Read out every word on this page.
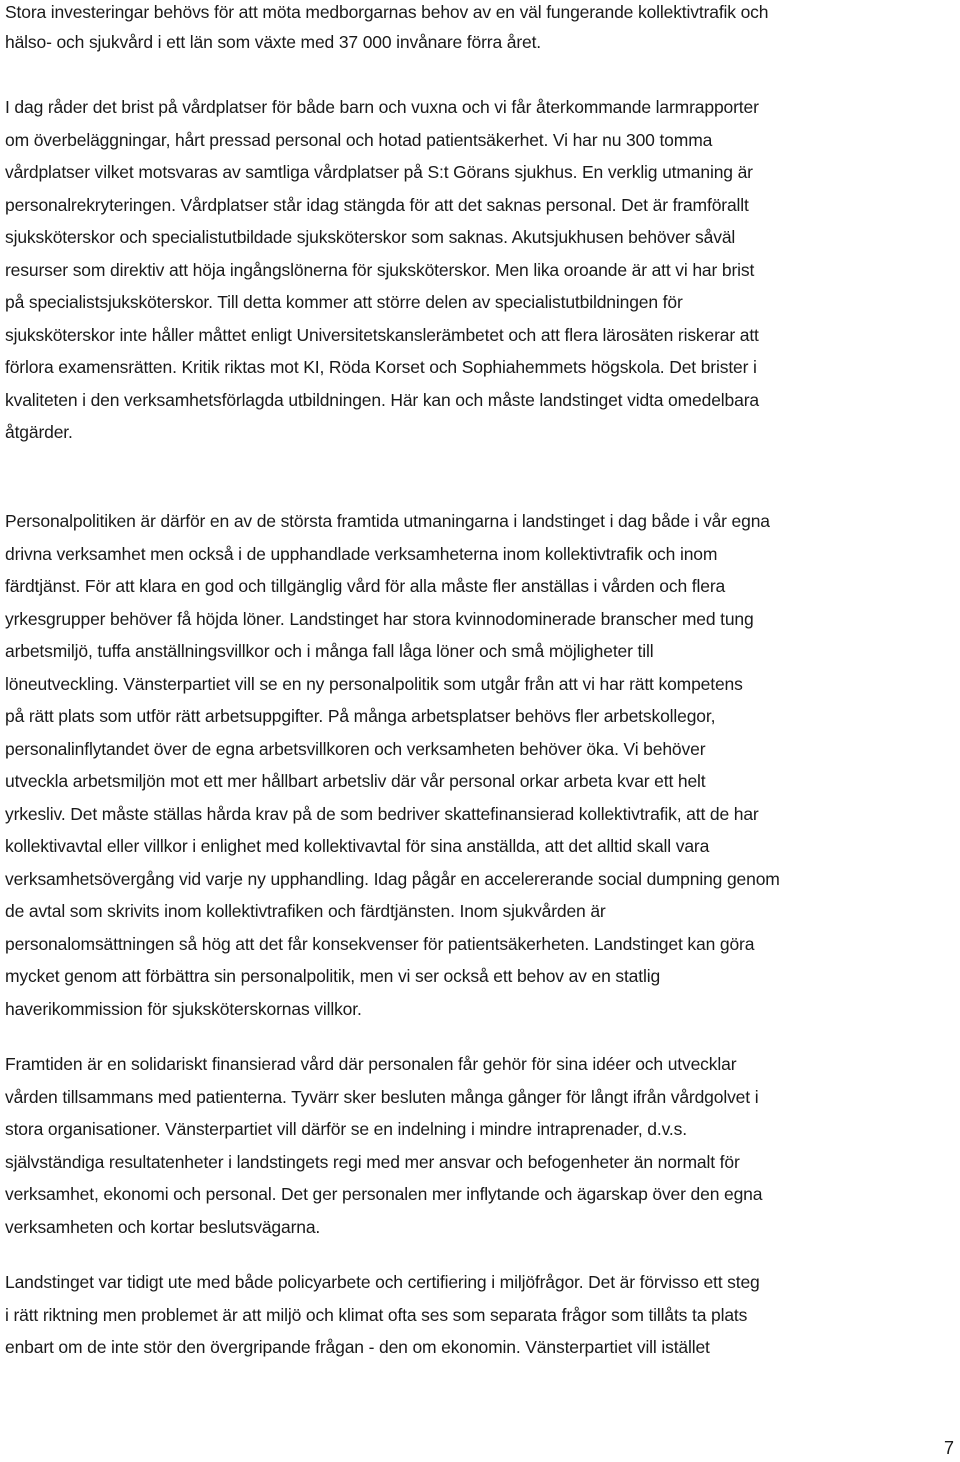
Stora investeringar behövs för att möta medborgarnas behov av en väl fungerande kollektivtrafik och
hälso- och sjukvård i ett län som växte med 37 000 invånare förra året.

I dag råder det brist på vårdplatser för både barn och vuxna och vi får återkommande larmrapporter
om överbeläggningar, hårt pressad personal och hotad patientsäkerhet. Vi har nu 300 tomma
vårdplatser vilket motsvaras av samtliga vårdplatser på S:t Görans sjukhus. En verklig utmaning är
personalrekryteringen. Vårdplatser står idag stängda för att det saknas personal. Det är framförallt
sjuksköterskor och specialistutbildade sjuksköterskor som saknas. Akutsjukhusen behöver såväl
resurser som direktiv att höja ingångslönerna för sjuksköterskor. Men lika oroande är att vi har brist
på specialistsjuksköterskor. Till detta kommer att större delen av specialistutbildningen för
sjuksköterskor inte håller måttet enligt Universitetskanslerämbetet och att flera lärosäten riskerar att
förlora examensrätten. Kritik riktas mot KI, Röda Korset och Sophiahemmets högskola. Det brister i
kvaliteten i den verksamhetsförlagda utbildningen. Här kan och måste landstinget vidta omedelbara
åtgärder.

Personalpolitiken är därför en av de största framtida utmaningarna i landstinget i dag både i vår egna
drivna verksamhet men också i de upphandlade verksamheterna inom kollektivtrafik och inom
färdtjänst. För att klara en god och tillgänglig vård för alla måste fler anställas i vården och flera
yrkesgrupper behöver få höjda löner. Landstinget har stora kvinnodominerade branscher med tung
arbetsmiljö, tuffa anställningsvillkor och i många fall låga löner och små möjligheter till
löneutveckling. Vänsterpartiet vill se en ny personalpolitik som utgår från att vi har rätt kompetens
på rätt plats som utför rätt arbetsuppgifter. På många arbetsplatser behövs fler arbetskollegor,
personalinflytandet över de egna arbetsvillkoren och verksamheten behöver öka. Vi behöver
utveckla arbetsmiljön mot ett mer hållbart arbetsliv där vår personal orkar arbeta kvar ett helt
yrkesliv. Det måste ställas hårda krav på de som bedriver skattefinansierad kollektivtrafik, att de har
kollektivavtal eller villkor i enlighet med kollektivavtal för sina anställda, att det alltid skall vara
verksamhetsövergång vid varje ny upphandling. Idag pågår en accelererande social dumpning genom
de avtal som skrivits inom kollektivtrafiken och färdtjänsten. Inom sjukvården är
personalomsättningen så hög att det får konsekvenser för patientsäkerheten. Landstinget kan göra
mycket genom att förbättra sin personalpolitik, men vi ser också ett behov av en statlig
haverikommission för sjuksköterskornas villkor.

Framtiden är en solidariskt finansierad vård där personalen får gehör för sina idéer och utvecklar
vården tillsammans med patienterna. Tyvärr sker besluten många gånger för långt ifrån vårdgolvet i
stora organisationer. Vänsterpartiet vill därför se en indelning i mindre intraprenader, d.v.s.
självständiga resultatenheter i landstingets regi med mer ansvar och befogenheter än normalt för
verksamhet, ekonomi och personal. Det ger personalen mer inflytande och ägarskap över den egna
verksamheten och kortar beslutsvägarna.

Landstinget var tidigt ute med både policyarbete och certifiering i miljöfrågor. Det är förvisso ett steg
i rätt riktning men problemet är att miljö och klimat ofta ses som separata frågor som tillåts ta plats
enbart om de inte stör den övergripande frågan - den om ekonomin. Vänsterpartiet vill istället

7
